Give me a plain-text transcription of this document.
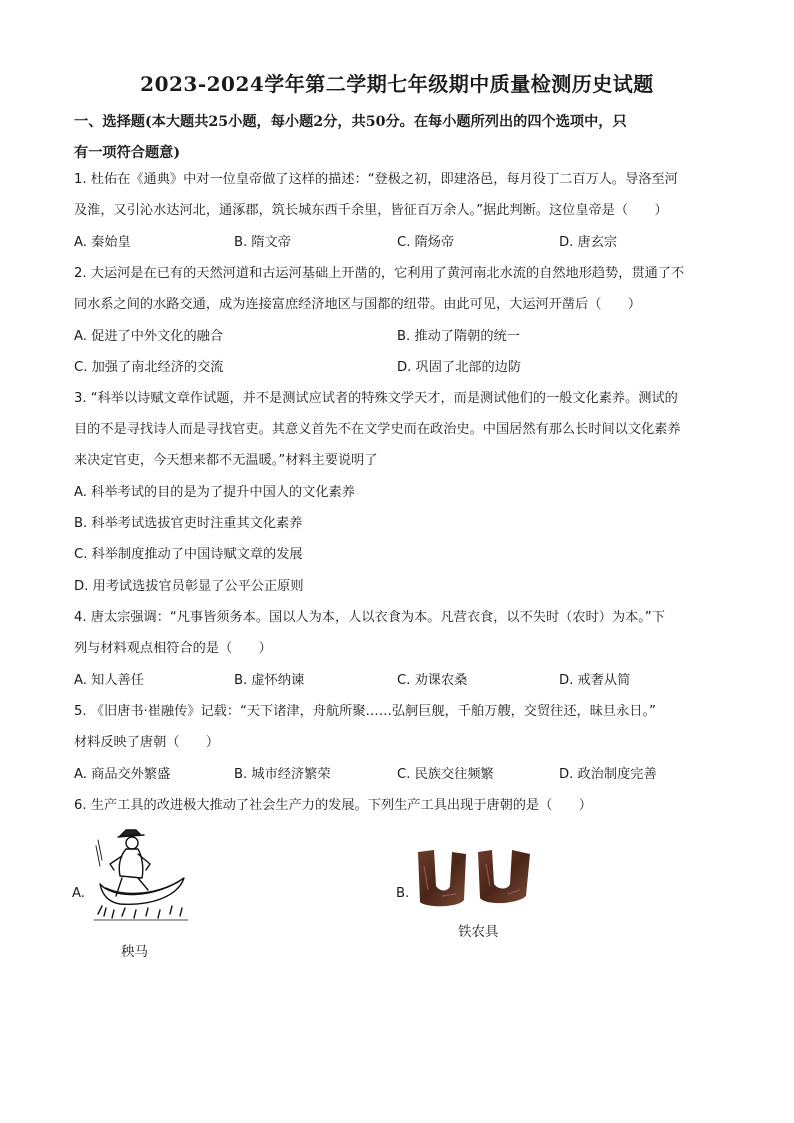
2023-2024学年第二学期七年级期中质量检测历史试题
一、选择题(本大题共25小题，每小题2分，共50分。在每小题所列出的四个选项中，只
有一项符合题意)
1. 杜佑在《通典》中对一位皇帝做了这样的描述：“登极之初，即建洛邑，每月役丁二百万人。导洛至河
及淮，又引沁水达河北，通涿郡，筑长城东西千余里，皆征百万余人。”据此判断。这位皇帝是（　　）
A. 秦始皇	B. 隋文帝	C. 隋炀帝	D. 唐玄宗
2. 大运河是在已有的天然河道和古运河基础上开凿的，它利用了黄河南北水流的自然地形趋势，贯通了不
同水系之间的水路交通，成为连接富庶经济地区与国都的纽带。由此可见，大运河开凿后（　　）
A. 促进了中外文化的融合	B. 推动了隋朝的统一
C. 加强了南北经济的交流	D. 巩固了北部的边防
3. “科举以诗赋文章作试题，并不是测试应试者的特殊文学天才，而是测试他们的一般文化素养。测试的
目的不是寻找诗人而是寻找官吏。其意义首先不在文学史而在政治史。中国居然有那么长时间以文化素养
来决定官吏，今天想来都不无温暖。”材料主要说明了
A. 科举考试的目的是为了提升中国人的文化素养
B. 科举考试选拔官吏时注重其文化素养
C. 科举制度推动了中国诗赋文章的发展
D. 用考试选拔官员彰显了公平公正原则
4. 唐太宗强调：“凡事皆须务本。国以人为本，人以衣食为本。凡营衣食，以不失时（农时）为本。”下
列与材料观点相符合的是（　　）
A. 知人善任	B. 虚怀纳谏	C. 劝课农桑	D. 戒奢从简
5. 《旧唐书·崔融传》记载：“天下诸津，舟航所聚……弘舸巨舰，千舶万艘，交贸往还，昧旦永日。”
材料反映了唐朝（　　）
A. 商品交外繁盛	B. 城市经济繁荣	C. 民族交往频繁	D. 政治制度完善
6. 生产工具的改进极大推动了社会生产力的发展。下列生产工具出现于唐朝的是（　　）
A.
秧马
B.
铁农具
